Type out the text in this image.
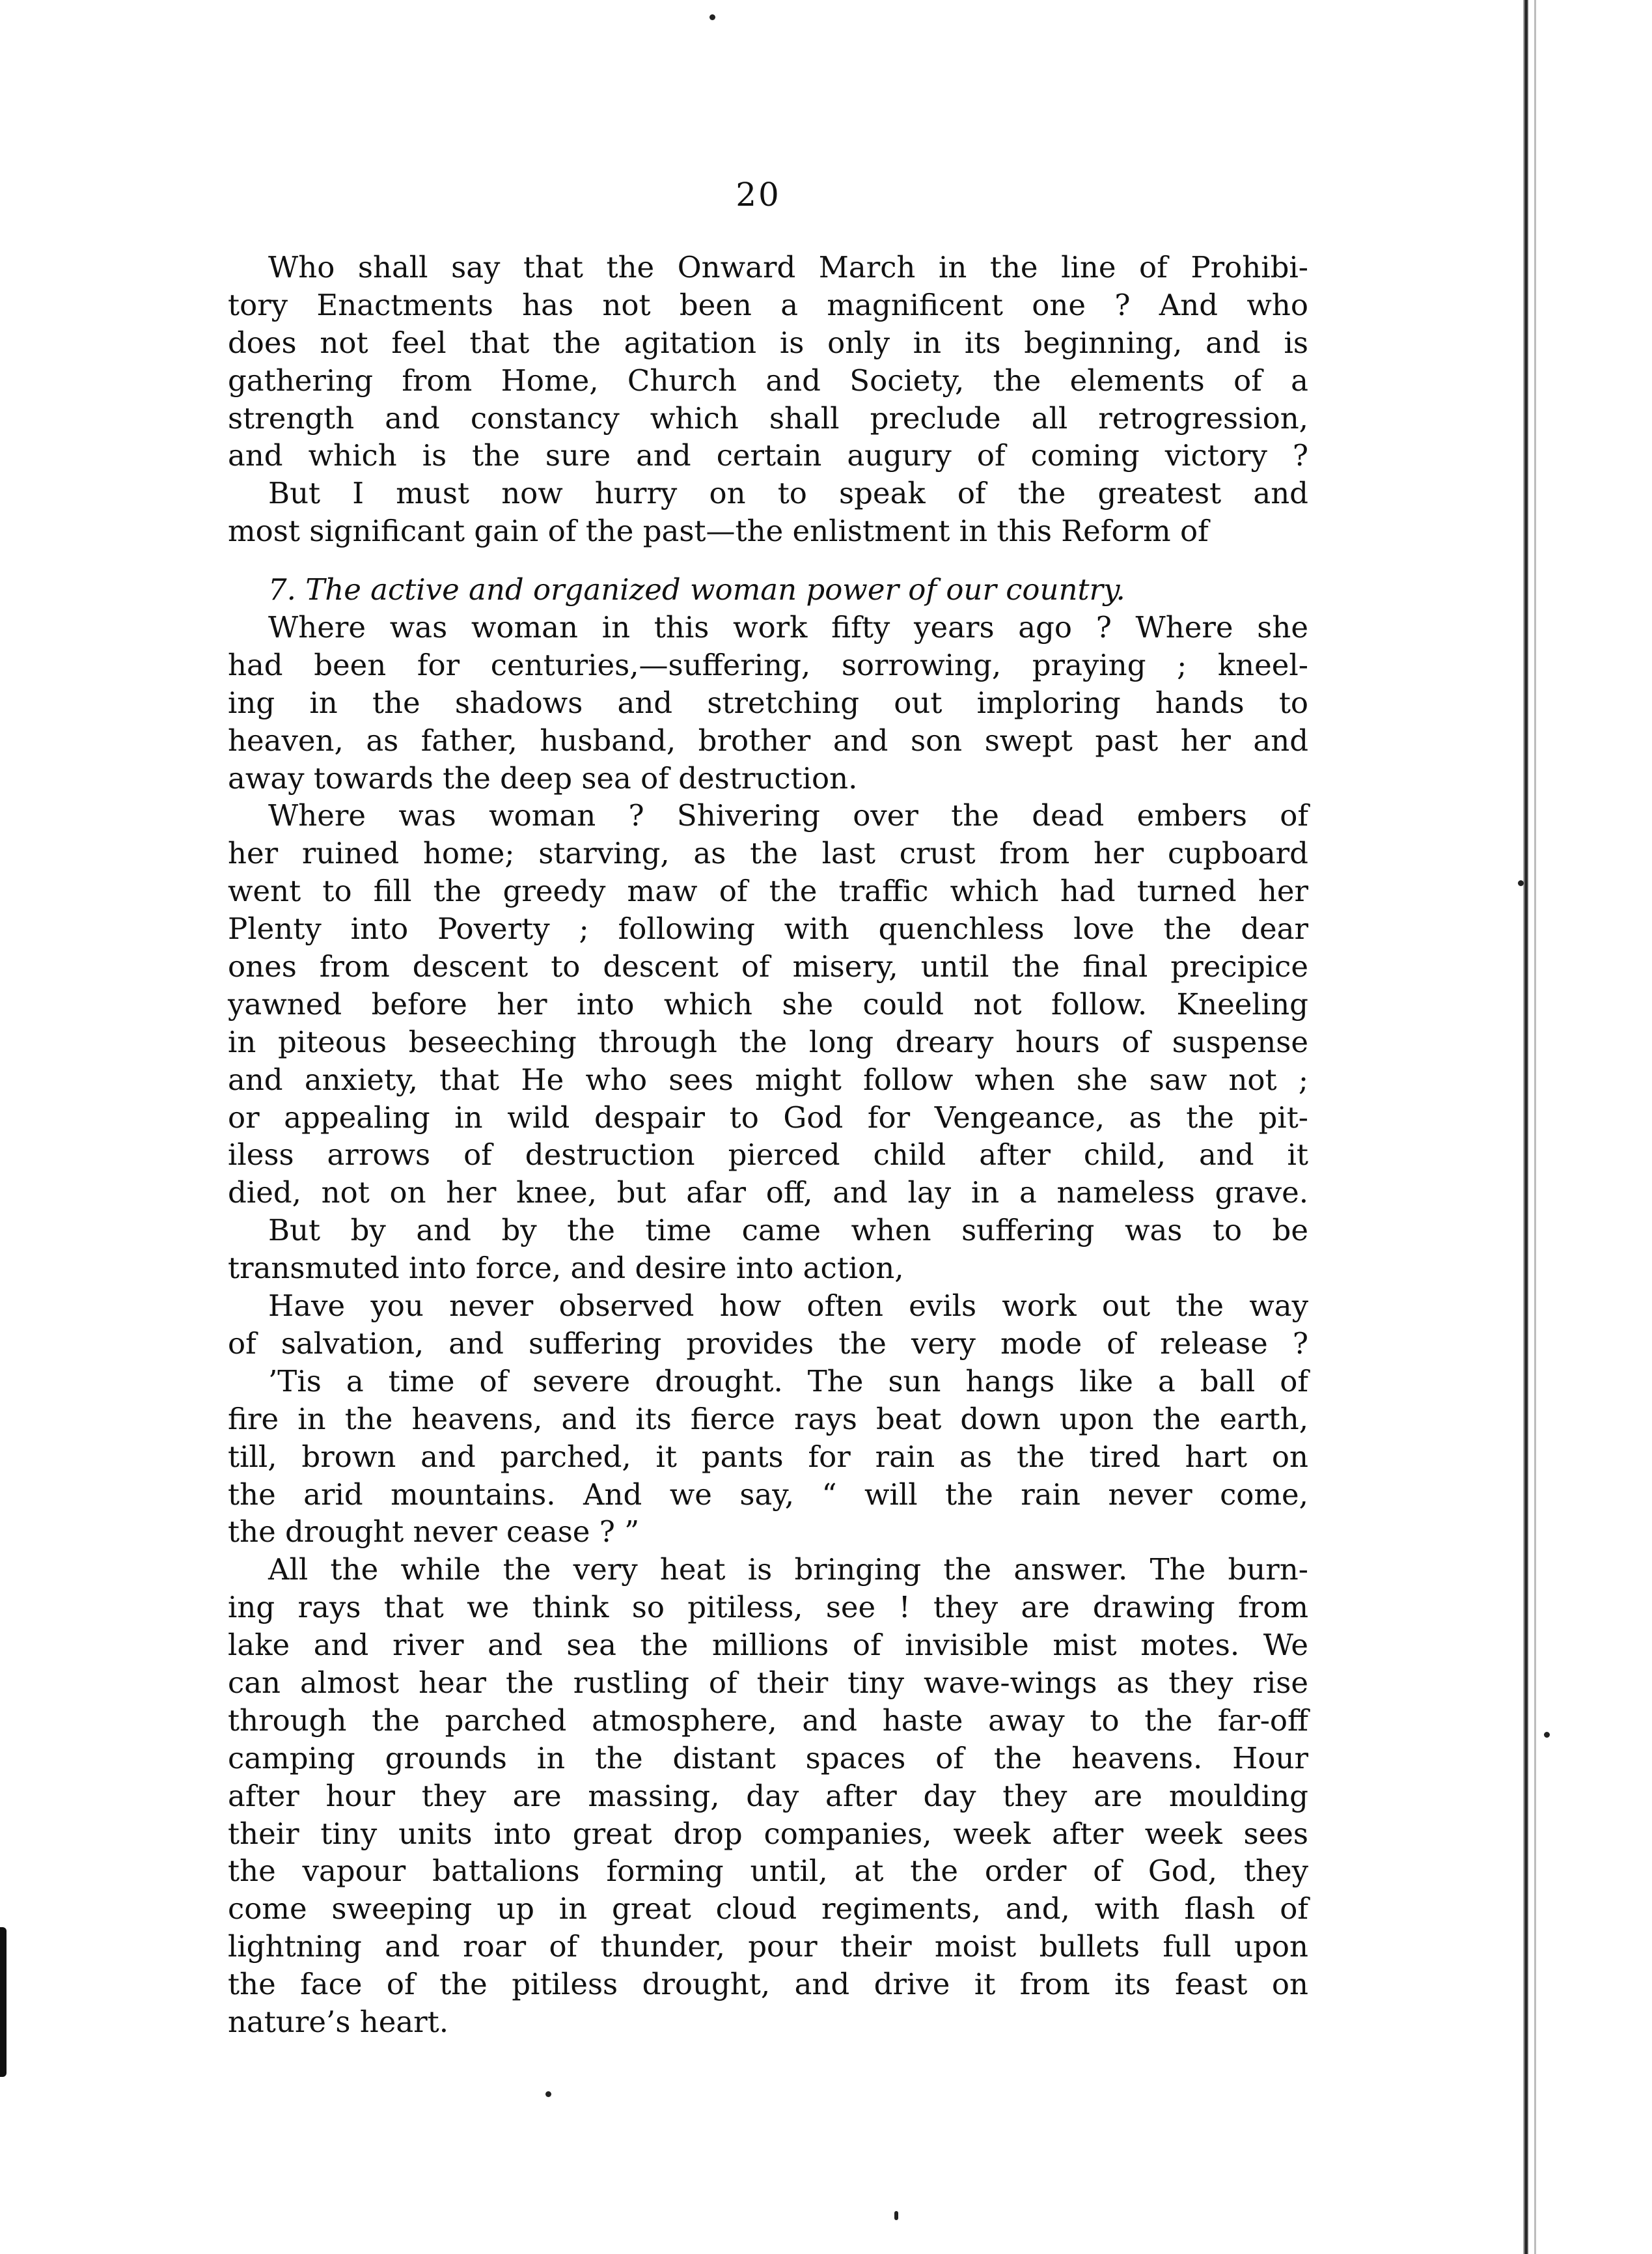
20
Who shall say that the Onward March in the line of Prohibi-
tory Enactments has not been a magnificent one ? And who
does not feel that the agitation is only in its beginning, and is
gathering from Home, Church and Society, the elements of a
strength and constancy which shall preclude all retrogression,
and which is the sure and certain augury of coming victory ?
But I must now hurry on to speak of the greatest and
most significant gain of the past—the enlistment in this Reform of
7. The active and organized woman power of our country.
Where was woman in this work fifty years ago ? Where she
had been for centuries,—suffering, sorrowing, praying ; kneel-
ing in the shadows and stretching out imploring hands to
heaven, as father, husband, brother and son swept past her and
away towards the deep sea of destruction.
Where was woman ? Shivering over the dead embers of
her ruined home; starving, as the last crust from her cupboard
went to fill the greedy maw of the traffic which had turned her
Plenty into Poverty ; following with quenchless love the dear
ones from descent to descent of misery, until the final precipice
yawned before her into which she could not follow. Kneeling
in piteous beseeching through the long dreary hours of suspense
and anxiety, that He who sees might follow when she saw not ;
or appealing in wild despair to God for Vengeance, as the pit-
iless arrows of destruction pierced child after child, and it
died, not on her knee, but afar off, and lay in a nameless grave.
But by and by the time came when suffering was to be
transmuted into force, and desire into action,
Have you never observed how often evils work out the way
of salvation, and suffering provides the very mode of release ?
’Tis a time of severe drought. The sun hangs like a ball of
fire in the heavens, and its fierce rays beat down upon the earth,
till, brown and parched, it pants for rain as the tired hart on
the arid mountains. And we say, “ will the rain never come,
the drought never cease ? ”
All the while the very heat is bringing the answer. The burn-
ing rays that we think so pitiless, see ! they are drawing from
lake and river and sea the millions of invisible mist motes. We
can almost hear the rustling of their tiny wave-wings as they rise
through the parched atmosphere, and haste away to the far-off
camping grounds in the distant spaces of the heavens. Hour
after hour they are massing, day after day they are moulding
their tiny units into great drop companies, week after week sees
the vapour battalions forming until, at the order of God, they
come sweeping up in great cloud regiments, and, with flash of
lightning and roar of thunder, pour their moist bullets full upon
the face of the pitiless drought, and drive it from its feast on
nature’s heart.
